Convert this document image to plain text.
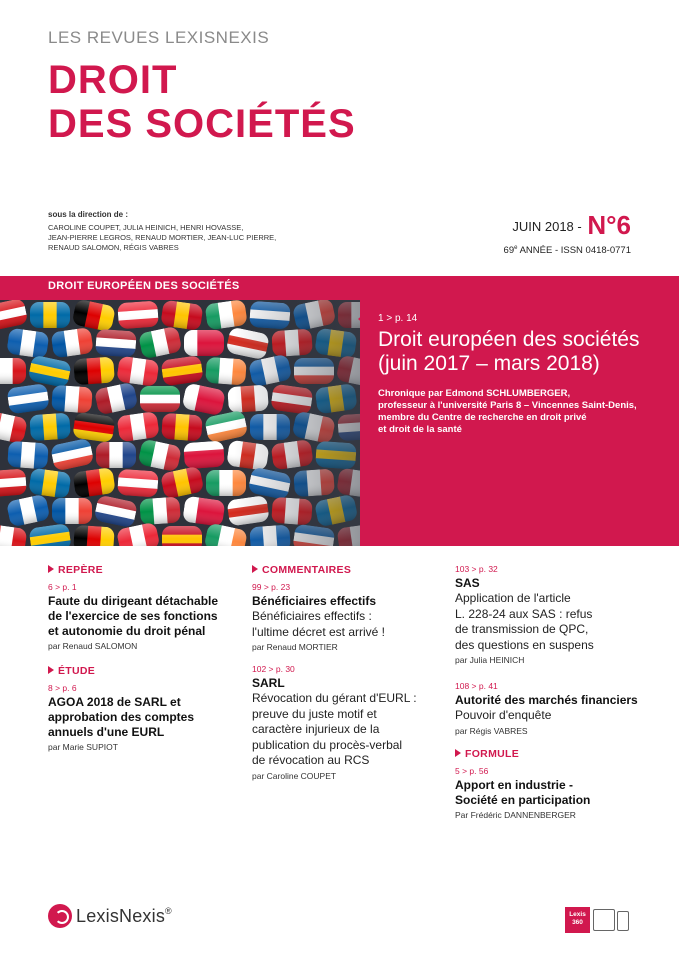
LES REVUES LEXISNEXIS
DROIT
DES SOCIÉTÉS
sous la direction de :
CAROLINE COUPET, JULIA HEINICH, HENRI HOVASSE,
JEAN-PIERRE LEGROS, RENAUD MORTIER, JEAN-LUC PIERRE,
RENAUD SALOMON, RÉGIS VABRES
JUIN 2018 - N°6
69e ANNÉE - ISSN 0418-0771
DROIT EUROPÉEN DES SOCIÉTÉS
1 > p. 14
Droit européen des sociétés
(juin 2017 – mars 2018)
Chronique par Edmond SCHLUMBERGER,
professeur à l'université Paris 8 – Vincennes Saint-Denis,
membre du Centre de recherche en droit privé
et droit de la santé
REPÈRE
6 > p. 1
Faute du dirigeant détachable
de l'exercice de ses fonctions
et autonomie du droit pénal
par Renaud SALOMON
ÉTUDE
8 > p. 6
AGOA 2018 de SARL et
approbation des comptes
annuels d'une EURL
par Marie SUPIOT
COMMENTAIRES
99 > p. 23
Bénéficiaires effectifs
Bénéficiaires effectifs :
l'ultime décret est arrivé !
par Renaud MORTIER
102 > p. 30
SARL
Révocation du gérant d'EURL :
preuve du juste motif et
caractère injurieux de la
publication du procès-verbal
de révocation au RCS
par Caroline COUPET
103 > p. 32
SAS
Application de l'article
L. 228-24 aux SAS : refus
de transmission de QPC,
des questions en suspens
par Julia HEINICH
108 > p. 41
Autorité des marchés financiers
Pouvoir d'enquête
par Régis VABRES
FORMULE
5 > p. 56
Apport en industrie -
Société en participation
Par Frédéric DANNENBERGER
LexisNexis®	Lexis
360
